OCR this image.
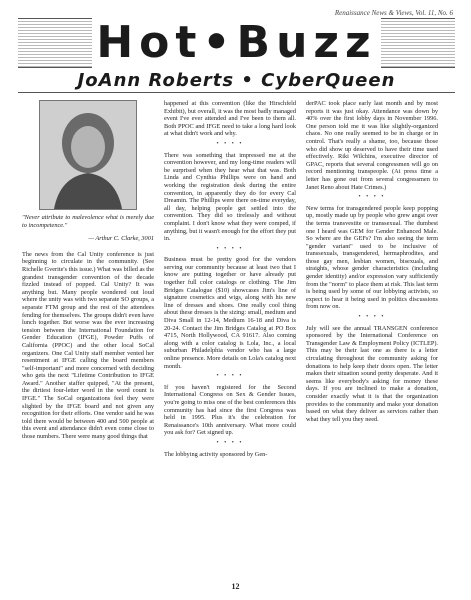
Renaissance News & Views, Vol. 11, No. 6
Hot•Buzz
JoAnn Roberts • CyberQueen
"Never attribute to malevolence what is merely due to incompetence."
— Arthur C. Clarke, 3001

The news from the Cal Unity conference is just beginning to circulate in the community. (See Richelle Gverite's this issue.) What was billed as the grandest transgender convention of the decade fizzled instead of popped. Cal Unity? It was anything but. Many people wondered out loud where the unity was with two separate SO groups, a separate FTM group and the rest of the attendees fending for themselves. The groups didn't even have lunch together. But worse was the ever increasing tension between the International Foundation for Gender Education (IFGE), Powder Puffs of California (PPOC) and the other local SoCal organizers. One Cal Unity staff member vented her resentment at IFGE calling the board members "self-important" and more concerned with deciding who gets the next "Lifetime Contribution to IFGE Award." Another staffer quipped, "At the present, the dirtiest four-letter word in the word count is IFGE." The SoCal organizations feel they were slighted by the IFGE board and not given any recognition for their efforts. One vendor said he was told there would be between 400 and 500 people at this event and attendance didn't even come close to those numbers. There were many good things that

happened at this convention (like the Hirschfeld Exhibit), but overall, it was the most badly managed event I've ever attended and I've been to them all. Both PPOC and IFGE need to take a long hard look at what didn't work and why.

• • • •

There was something that impressed me at the convention however, and my long-time readers will be surprised when they hear what that was. Both Linda and Cynthia Phillips were on hand and working the registration desk during the entire convention, in apparently they do for every Cal Dreamin. The Phillips were there on-time everyday, all day, helping people get settled into the convention. They did so tirelessly and without complaint. I don't know what they were comped, if anything, but it wasn't enough for the effort they put in.

• • • •

Business must be pretty good for the vendors serving our community because at least two that I know are putting together or have already put together full color catalogs or clothing. The Jim Bridges Catalogue ($10) showcases Jim's line of signature cosmetics and wigs, along with his new line of dresses and shoes. One really cool thing about these dresses is the sizing: small, medium and Diva Small in 12-14, Medium 16-18 and Diva is 20-24. Contact the Jim Bridges Catalog at PO Box 4715, North Hollywood, CA 91617. Also coming along with a color catalog is Lola, Inc., a local suburban Philadelphia vendor who has a large online presence. More details on Lola's catalog next month.

• • • •

If you haven't registered for the Second International Congress on Sex & Gender Issues, you're going to miss one of the best conferences this community has had since the first Congress was held in 1995. Plus it's the celebration for Renaissance's 10th anniversary. What more could you ask for? Get signed up.

• • • •

The lobbying activity sponsored by Gen-

derPAC took place early last month and by most reports it was just okay. Attendance was down by 40% over the first lobby days in November 1996. One person told me it was like slightly-organized chaos. No one really seemed to be in charge or in control. That's really a shame, too, because those who did show up deserved to have their time used effectively. Riki Wilchins, executive director of GPAC, reports that several congressmen will go on record mentioning transpeople. (At press time a letter has gone out from several congressmen to Janet Reno about Hate Crimes.)

• • • •

New terms for transgendered people keep popping up, mostly made up by people who grew angst over the terms transvestite or transsexual. The dumbest one I heard was GEM for Gender Enhanced Male. So where are the GEFs? I'm also seeing the term "gender variant" used to be inclusive of transsexuals, transgendered, hermaphrodites, and those gay men, lesbian women, bisexuals, and straights, whose gender characteristics (including gender identity) and/or expression vary sufficiently from the "norm" to place them at risk. This last term is being used by some of our lobbying activists, so expect to hear it being used in politics discussions from now on.

• • • •

July will see the annual TRANSGEN conference sponsored by the International Conference on Transgender Law & Employment Policy (ICTLEP). This may be their last one as there is a letter circulating throughout the community asking for donations to help keep their doors open. The letter makes their situation sound pretty desperate. And it seems like everybody's asking for money these days. If you are inclined to make a donation, consider exactly what it is that the organization provides to the community and make your donation based on what they deliver as services rather than what they tell you they need.

12
